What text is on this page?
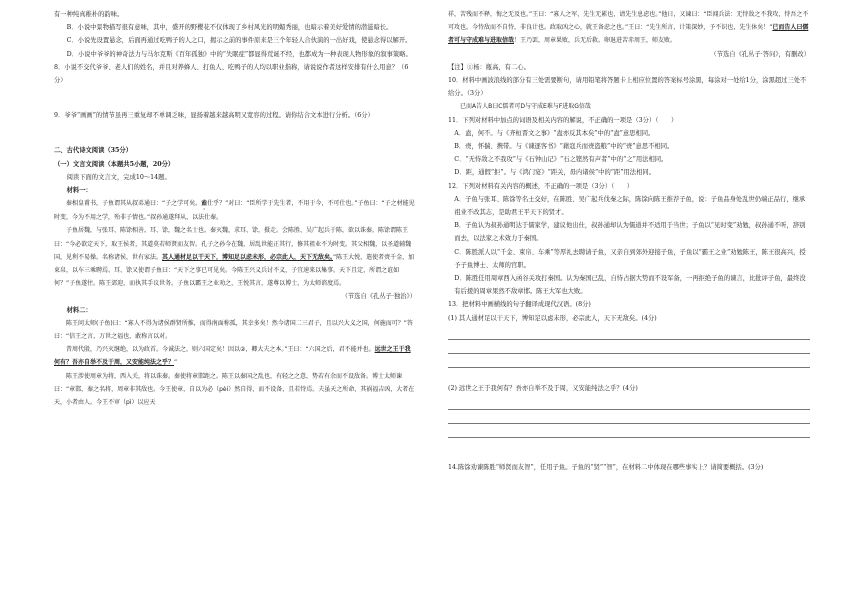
有一种纯真稚朴的韵味。

B．小说中景物描写很有意味，其中，盛开的野樱花不仅体现了乡村风光的明媚秀丽，也暗示着美好爱情的潜滋暗长。

C．小说先设置悬念，后面再通过吃鸭子的人之口，揭示之前的事件原来是三个年轻人合伙演的一出好戏，使悬念得以解开。

D．小说中爷爷的神奇法力与马尔克斯《百年孤独》中的“失眠症”都显得荒诞不经，也都成为一种表现人物形象的叙事策略。

8．小说不交代爷爷、老人们的姓名，并且对养蜂人、打鱼人、吃鸭子的人均以职业指称，请说说作者这样安排有什么用意？（6分）

9．爷爷“画画”的情节虽再三重复却不单调乏味，显扬着越来越高明又宽容的过程。请你结合文本进行分析。（6分）

二、古代诗文阅读（35分）

（一）文言文阅读（本题共5小题，20分）

阅读下面的文言文，完成10～14题。

材料一：

秦相皇甫书，子鱼谓其从叔弟通曰：“子之学可矣。盍仕乎？”对曰：“臣所学于先生者，不用于今，不可仕也。”子鱼曰：“子之材能见时变，今为不用之学，殆非子情也。”叔孙通遂拜从，以法仕秦。

子鱼居魏，与张耳、陈馀相善。耳、馀，魏之名士也。秦灭魏，求耳、馀，摄走。会陈胜、吴广起兵于陈，欲以诛秦。陈馀谓陈王曰：“今必欲定天下，取王侯者，其道莫若师贤而友智。孔子之孙今在魏，居乱世能正其行，修其祖业不为时变。其父相魏，以圣道辅魏国，见利不易操。名称诸侯，世有家法。其人通材足以干天下，博知足以虑未形，必宗此人，天下无敌矣。”陈王大悦，遣使者赍千金，加束帛，以车三乘聘焉。耳、馀又使谓子鱼曰：“天下之事已可见矣。今陈王兴义兵讨不义，子宜速来以集事。天下且定，所谓之谊如何？”子鱼遂往。陈王郊迎，而执其手议世务。子鱼以霸王之业劝之，王悦其言，遂尊以博士，为太师谘度焉。

（节选自《孔丛子·独治》）

材料二：

陈王问太师(子鱼)曰：“寡人不得为诸侯群贤所推，而得南面称孤，其幸多矣！然今诸国二三君子，且以兴大义之国，何施而可？”答曰：“信王之言，万世之福也，敢称言以对。

昔周代殷，乃兴灭继绝，以为政首。今诚法之，则六国定矣！因以②，卿大夫之本。”王曰：“六国之后，君不能并也。远世之王于我何有？吾亦自举不及于周，又安能纯法之乎？”

陈王涉使周章为将，西入关，将以诛秦。秦使将章邯距之。陈王以秦国之乱也，有轻之之意，势若有余而不设敌备。博士太师谏曰：“章邯，秦之名将，周章非其敌也。今王使章，自以为必（pèi）然自得，而不设备，且若恃焉。夫虽天之所命，其祸福吉凶，大者在天，小者由人。今王不审（pì）以应天

祥，苦残而不释，悔之无及也。”王曰：“寡人之军，先生无累也，请先生息虑也。”他日，又谏曰：“臣闻兵法：无恃敌之不我攻，恃吾之不可攻也。今恃敌而不自恃，非良计也。政取凶之心，就王备虑之也。”王曰：“先生所言，计策深妙，予不识也，先生休矣！”已而告人曰儒者可与守成难与进取信哉！王乃罢，周章果败，兵无后救。卵退进苦赤周王，师友败。

（节选自《孔丛子·答问》，有删改）

【注】①杨：瓶高，有二心。

10．材料中画波浪线的部分有三处需要断句，请用铅笔将答题卡上相应位置的答案标号涂黑，每涂对一处给1分，涂黑超过三处不给分。（3分）

已而A告人B曰C儒者可D与守成E难与F进取G信哉

11．下列对材料中加点的词语及相关内容的解说，不正确的一项是（3分）（　　）

A．盍，何不。与《齐桓晋文之事》“盍亦反其本矣”中的“盍”意思相同。

B．赍，怀揣、携带。与《谏逐客书》“藉寇兵而赍盗粮”中的“赍”意思不相同。

C．“无恃敌之不我攻”与《石钟山记》“石之铿然有声者”中的“之”用法相同。

D．距，通假“拒”。与《鸿门宴》“距关，毋内诸侯”中的“距”用法相同。

12．下列对材料有关内容的概述，不正确的一项是（3分）（　　）

A．子鱼与张耳、陈馀等名士交好，在陈胜、吴广起兵伐秦之际，陈馀向陈王推荐子鱼，说：子鱼品身处乱世仍端正品行，继承祖业不改其志，是助君王平天下的贤才。

B．子鱼认为叔孙通明达于儒家学，建议他出仕，叔孙通却认为儒道并不适用于当世；子鱼以“见时变”劝勉，叔孙通不听，辞别而去，以法家之术效力于秦国。

C．陈胜派人以“千金、束帛、车乘”等厚礼去聘请子鱼，又亲自到郊外迎接子鱼，子鱼以“霸王之业”劝勉陈王，陈王很高兴，授予子鱼博士、太师的官职。

D．陈胜任用周章西入函谷关攻打秦国。认为秦国已乱，自恃占据大势而不设军备，一再拒绝子鱼的谏言，比批评子鱼，最终没有后援的周章果然不敌章邯。陈王大军也大败。

13．把材料中画横线的句子翻译成现代汉语。(8分)

(1) 其人通材足以干天下，博知足以虑未形，必宗此人，天下无敌矣。(4分)

(2) 远世之王于我何有？吾亦自举不及于周，又安能纯法之乎？(4分)

14.陈馀劝谏陈胜“师贤而友智”，任用子鱼。子鱼的“贤”“智”，在材料二中体现在哪些事实上？请简要概括。(3分)
